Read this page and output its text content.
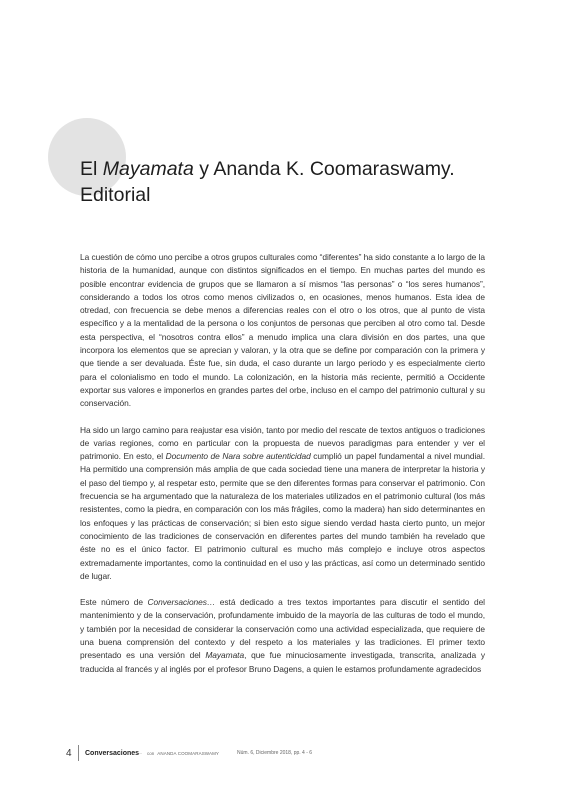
El Mayamata y Ananda K. Coomaraswamy.
Editorial

La cuestión de cómo uno percibe a otros grupos culturales como “diferentes” ha sido constante a lo largo de la historia de la humanidad, aunque con distintos significados en el tiempo. En muchas partes del mundo es posible encontrar evidencia de grupos que se llamaron a sí mismos “las personas” o “los seres humanos”, considerando a todos los otros como menos civilizados o, en ocasiones, menos humanos. Esta idea de otredad, con frecuencia se debe menos a diferencias reales con el otro o los otros, que al punto de vista específico y a la mentalidad de la persona o los conjuntos de personas que perciben al otro como tal. Desde esta perspectiva, el “nosotros contra ellos” a menudo implica una clara división en dos partes, una que incorpora los elementos que se aprecian y valoran, y la otra que se define por comparación con la primera y que tiende a ser devaluada. Éste fue, sin duda, el caso durante un largo periodo y es especialmente cierto para el colonialismo en todo el mundo. La colonización, en la historia más reciente, permitió a Occidente exportar sus valores e imponerlos en grandes partes del orbe, incluso en el campo del patrimonio cultural y su conservación.

Ha sido un largo camino para reajustar esa visión, tanto por medio del rescate de textos antiguos o tradiciones de varias regiones, como en particular con la propuesta de nuevos paradigmas para entender y ver el patrimonio. En esto, el Documento de Nara sobre autenticidad cumplió un papel fundamental a nivel mundial. Ha permitido una comprensión más amplia de que cada sociedad tiene una manera de interpretar la historia y el paso del tiempo y, al respetar esto, permite que se den diferentes formas para conservar el patrimonio. Con frecuencia se ha argumentado que la naturaleza de los materiales utilizados en el patrimonio cultural (los más resistentes, como la piedra, en comparación con los más frágiles, como la madera) han sido determinantes en los enfoques y las prácticas de conservación; si bien esto sigue siendo verdad hasta cierto punto, un mejor conocimiento de las tradiciones de conservación en diferentes partes del mundo también ha revelado que éste no es el único factor. El patrimonio cultural es mucho más complejo e incluye otros aspectos extremadamente importantes, como la continuidad en el uso y las prácticas, así como un determinado sentido de lugar.

Este número de Conversaciones… está dedicado a tres textos importantes para discutir el sentido del mantenimiento y de la conservación, profundamente imbuido de la mayoría de las culturas de todo el mundo, y también por la necesidad de considerar la conservación como una actividad especializada, que requiere de una buena comprensión del contexto y del respeto a los materiales y las tradiciones. El primer texto presentado es una versión del Mayamata, que fue minuciosamente investigada, transcrita, analizada y traducida al francés y al inglés por el profesor Bruno Dagens, a quien le estamos profundamente agradecidos

4	Conversaciones ... con ANANDA COOMARASWAMY	Núm. 6, Diciembre 2018, pp. 4 - 6
